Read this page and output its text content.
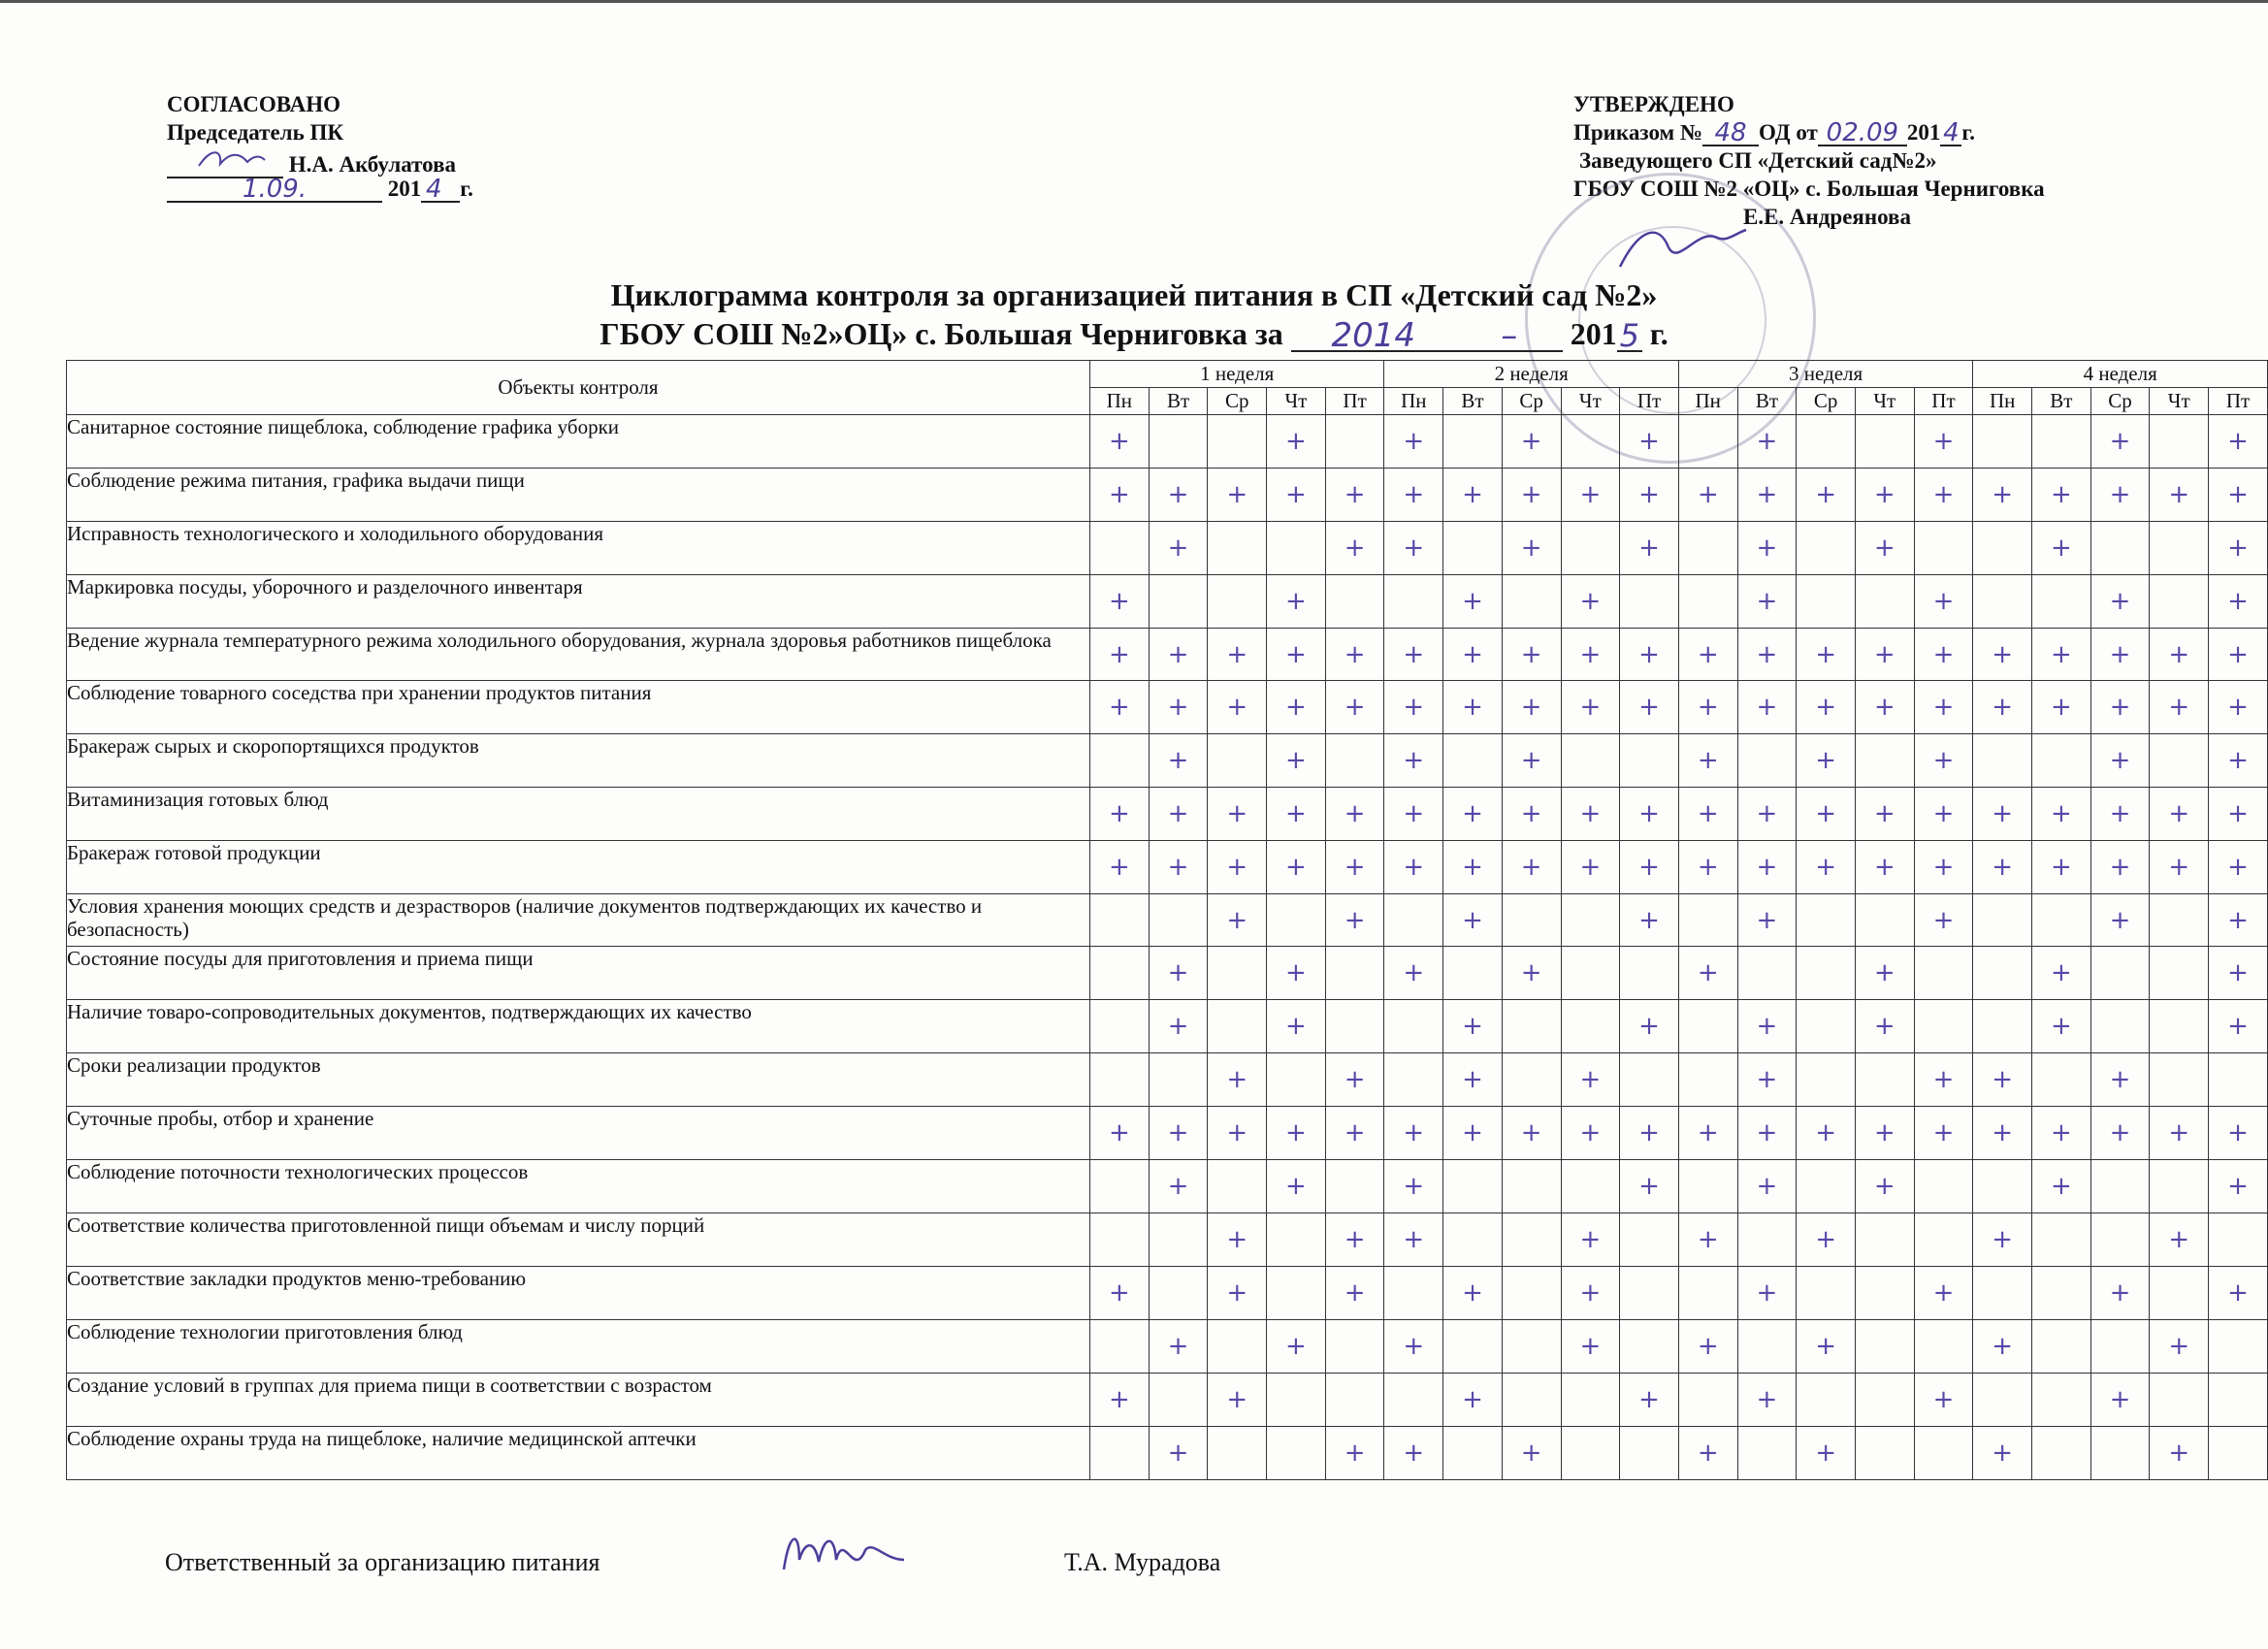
СОГЛАСОВАНО
Председатель ПК
Н.А. Акбулатова
1.09.	201 4 г.
УТВЕРЖДЕНО
Приказом № 48 ОД от 02.09 201 4 г.
Заведующего СП «Детский сад№2»
ГБОУ СОШ №2 «ОЦ» с. Большая Черниговка
Е.Е. Андреянова
Циклограмма контроля за организацией питания в СП «Детский сад №2»
ГБОУ СОШ №2»ОЦ» с. Большая Черниговка за 2014	– 2015 г.
Объекты контроля	1 неделя					2 неделя					3 неделя					4 неделя				
	Пн	Вт	Ср	Чт	Пт	Пн	Вт	Ср	Чт	Пт	Пн	Вт	Ср	Чт	Пт	Пн	Вт	Ср	Чт	Пт
Санитарное состояние пищеблока, соблюдение графика уборки	+			+		+		+		+		+			+			+		+
Соблюдение режима питания, графика выдачи пищи	+	+	+	+	+	+	+	+	+	+	+	+	+	+	+	+	+	+	+	+
Исправность технологического и холодильного оборудования		+			+	+		+		+		+		+			+			+
Маркировка посуды, уборочного и разделочного инвентаря	+			+			+		+			+			+			+		+
Ведение журнала температурного режима холодильного оборудования, журнала здоровья работников пищеблока	+	+	+	+	+	+	+	+	+	+	+	+	+	+	+	+	+	+	+	+
Соблюдение товарного соседства при хранении продуктов питания	+	+	+	+	+	+	+	+	+	+	+	+	+	+	+	+	+	+	+	+
Бракераж сырых и скоропортящихся продуктов		+		+		+		+			+		+		+			+		+
Витаминизация готовых блюд	+	+	+	+	+	+	+	+	+	+	+	+	+	+	+	+	+	+	+	+
Бракераж готовой продукции	+	+	+	+	+	+	+	+	+	+	+	+	+	+	+	+	+	+	+	+
Условия хранения моющих средств и дезрастворов (наличие документов подтверждающих их качество и безопасность)			+		+		+			+		+			+			+		+
Состояние посуды для приготовления и приема пищи		+		+		+		+			+			+			+			+
Наличие товаро-сопроводительных документов, подтверждающих их качество		+		+			+			+		+		+			+			+
Сроки реализации продуктов			+		+		+		+			+			+	+		+		
Суточные пробы, отбор и хранение	+	+	+	+	+	+	+	+	+	+	+	+	+	+	+	+	+	+	+	+
Соблюдение поточности технологических процессов		+		+		+				+		+		+			+			+
Соответствие количества приготовленной пищи объемам и числу порций			+		+	+			+		+		+			+			+	
Соответствие закладки продуктов меню-требованию	+		+		+		+		+			+			+			+		+
Соблюдение технологии приготовления блюд		+		+		+			+		+		+			+			+	
Создание условий в группах для приема пищи в соответствии с возрастом	+		+				+			+		+			+			+		
Соблюдение охраны труда на пищеблоке, наличие медицинской аптечки		+			+	+		+			+		+			+			+	
Ответственный за организацию питания	Т.А. Мурадова
